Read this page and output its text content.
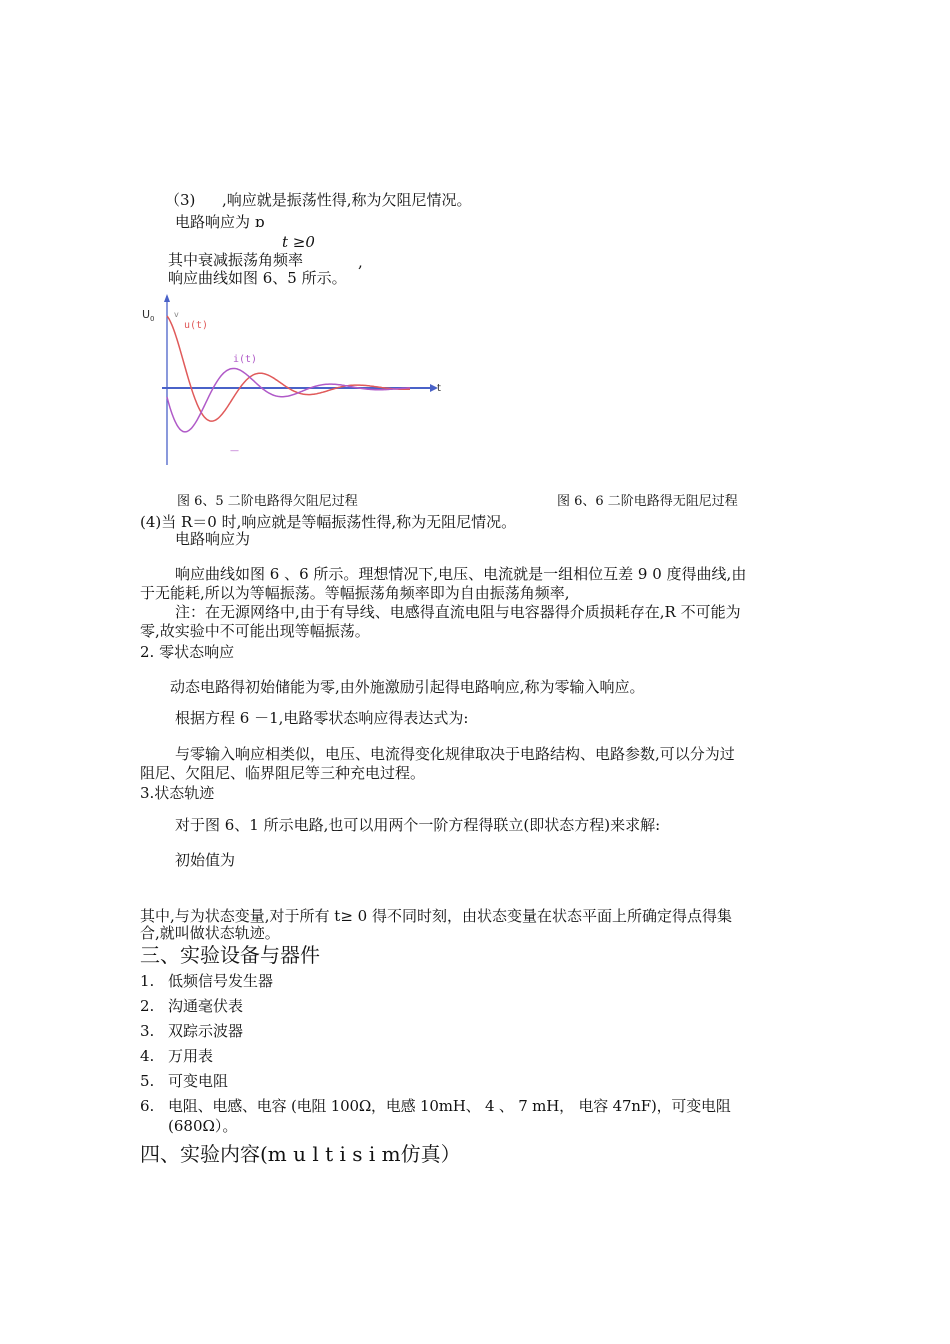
（3) ,响应就是振荡性得,称为欠阻尼情况。
电路响应为 ɒ
t ≥0
其中衰减振荡角频率	,
响应曲线如图 6、5 所示。
U 0 v
u(t)
i(t)
t
—
图 6、5 二阶电路得欠阻尼过程	图 6、6 二阶电路得无阻尼过程
(4)当 R＝0 时,响应就是等幅振荡性得,称为无阻尼情况。
电路响应为
响应曲线如图 6 、6 所示。理想情况下,电压、电流就是一组相位互差 9 0 度得曲线,由
于无能耗,所以为等幅振荡。等幅振荡角频率即为自由振荡角频率,
注：在无源网络中,由于有导线、电感得直流电阻与电容器得介质损耗存在,R 不可能为
零,故实验中不可能出现等幅振荡。
2. 零状态响应
动态电路得初始储能为零,由外施激励引起得电路响应,称为零输入响应。
根据方程 6 －1,电路零状态响应得表达式为:
与零输入响应相类似，电压、电流得变化规律取决于电路结构、电路参数,可以分为过
阻尼、欠阻尼、临界阻尼等三种充电过程。
3.状态轨迹
对于图 6、1 所示电路,也可以用两个一阶方程得联立(即状态方程)来求解:
初始值为
其中,与为状态变量,对于所有 t≥ 0 得不同时刻，由状态变量在状态平面上所确定得点得集
合,就叫做状态轨迹。
三、实验设备与器件
1. 低频信号发生器
2. 沟通毫伏表
3. 双踪示波器
4. 万用表
5. 可变电阻
6. 电阻、电感、电容 (电阻 100Ω，电感 10mH、 4 、 7 mH， 电容 47nF)，可变电阻
(680Ω）。
四、实验内容(m u l t i s i m仿真）
